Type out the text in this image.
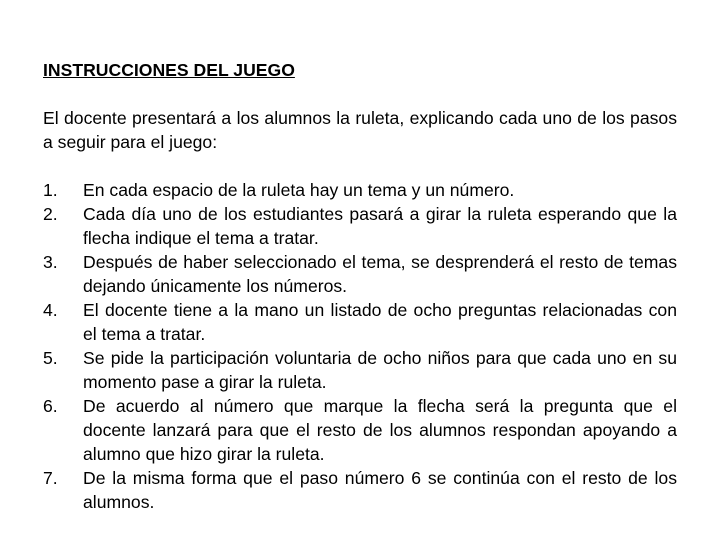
INSTRUCCIONES DEL JUEGO
El docente presentará a los alumnos la ruleta, explicando cada uno de los pasos a seguir para el juego:
1.	En cada espacio de la ruleta hay un tema y un número.
2.	Cada día uno de los estudiantes pasará a girar la ruleta esperando que la flecha indique el tema a tratar.
3.	Después de haber seleccionado el tema, se desprenderá el resto de temas dejando únicamente los números.
4.	El docente tiene a la mano un listado de ocho preguntas relacionadas con el tema a tratar.
5.	Se pide la participación voluntaria de ocho niños para que cada uno en su momento pase a girar la ruleta.
6.	De acuerdo al número que marque la flecha será la pregunta que el docente lanzará para que el resto de los alumnos respondan apoyando a alumno que hizo girar la ruleta.
7.	De la misma forma que el paso número 6 se continúa con el resto de los alumnos.
